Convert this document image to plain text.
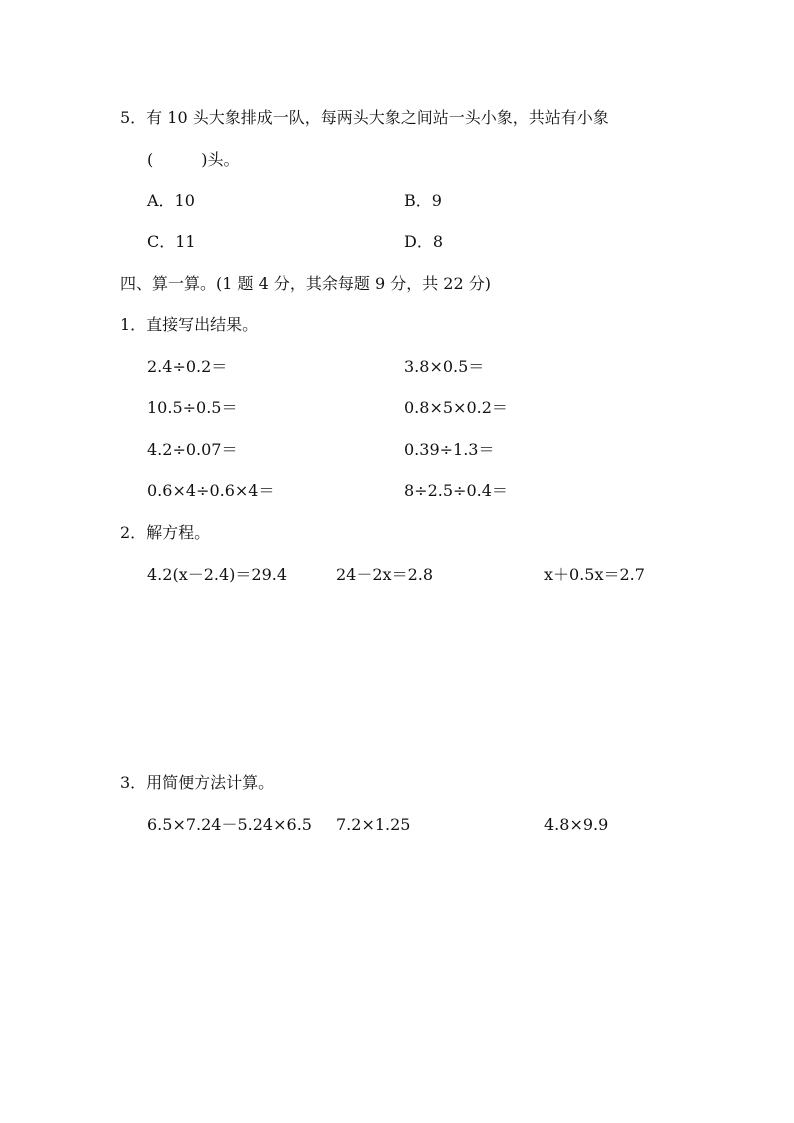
5．有 10 头大象排成一队，每两头大象之间站一头小象，共站有小象
(　　　)头。
A．10	B．9
C．11	D．8
四、算一算。(1 题 4 分，其余每题 9 分，共 22 分)
1．直接写出结果。
2.4÷0.2＝	3.8×0.5＝
10.5÷0.5＝	0.8×5×0.2＝
4.2÷0.07＝	0.39÷1.3＝
0.6×4÷0.6×4＝	8÷2.5÷0.4＝
2．解方程。
4.2(x－2.4)＝29.4	24－2x＝2.8	x＋0.5x＝2.7
3．用简便方法计算。
6.5×7.24－5.24×6.5 7.2×1.25	4.8×9.9
